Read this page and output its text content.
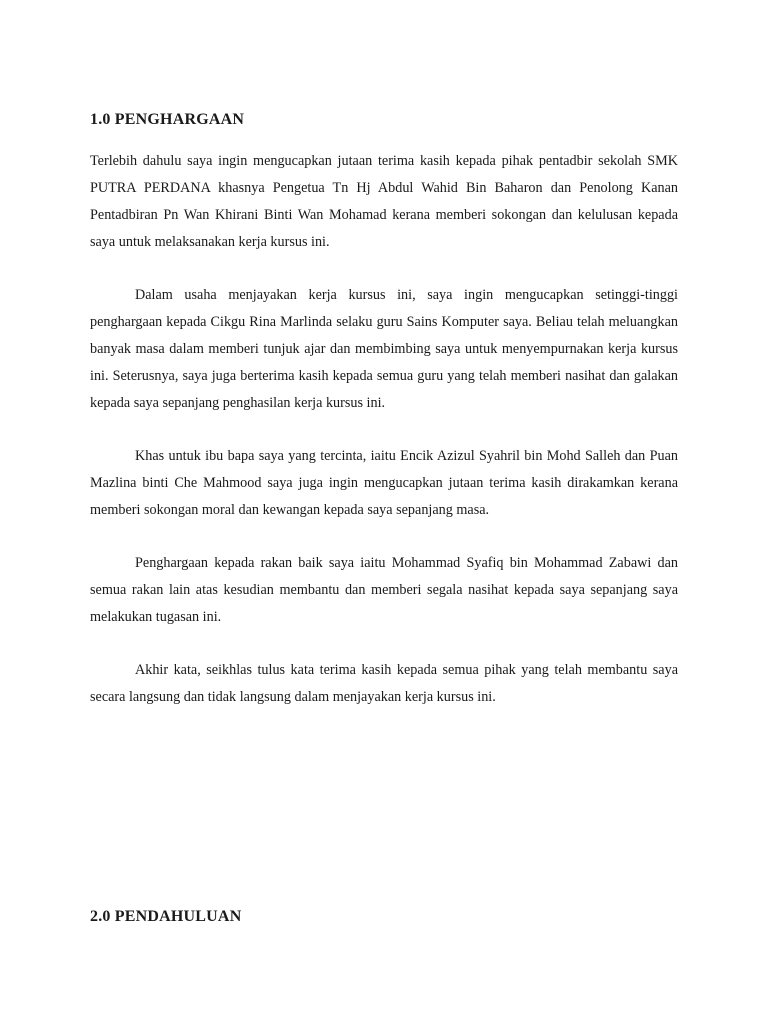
1.0 PENGHARGAAN

Terlebih dahulu saya ingin mengucapkan jutaan terima kasih kepada pihak pentadbir sekolah SMK PUTRA PERDANA khasnya Pengetua Tn Hj Abdul Wahid Bin Baharon dan Penolong Kanan Pentadbiran Pn Wan Khirani Binti Wan Mohamad kerana memberi sokongan dan kelulusan kepada saya untuk melaksanakan kerja kursus ini.

Dalam usaha menjayakan kerja kursus ini, saya ingin mengucapkan setinggi-tinggi penghargaan kepada Cikgu Rina Marlinda selaku guru Sains Komputer saya. Beliau telah meluangkan banyak masa dalam memberi tunjuk ajar dan membimbing saya untuk menyempurnakan kerja kursus ini. Seterusnya, saya juga berterima kasih kepada semua guru yang telah memberi nasihat dan galakan kepada saya sepanjang penghasilan kerja kursus ini.

Khas untuk ibu bapa saya yang tercinta, iaitu Encik Azizul Syahril bin Mohd Salleh dan Puan Mazlina binti Che Mahmood saya juga ingin mengucapkan jutaan terima kasih dirakamkan kerana memberi sokongan moral dan kewangan kepada saya sepanjang masa.

Penghargaan kepada rakan baik saya iaitu Mohammad Syafiq bin Mohammad Zabawi dan semua rakan lain atas kesudian membantu dan memberi segala nasihat kepada saya sepanjang saya melakukan tugasan ini.

Akhir kata, seikhlas tulus kata terima kasih kepada semua pihak yang telah membantu saya secara langsung dan tidak langsung dalam menjayakan kerja kursus ini.

2.0 PENDAHULUAN
